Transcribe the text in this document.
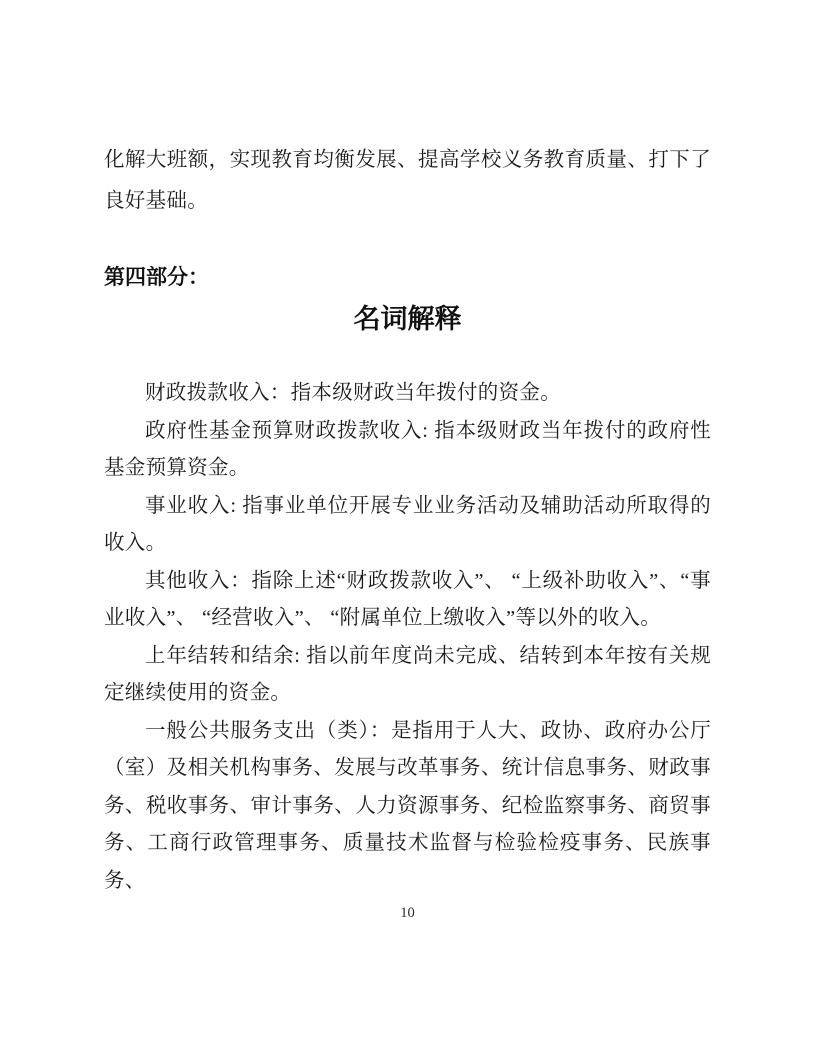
化解大班额，实现教育均衡发展、提高学校义务教育质量、打下了良好基础。

第四部分：

名词解释

财政拨款收入：指本级财政当年拨付的资金。

政府性基金预算财政拨款收入: 指本级财政当年拨付的政府性基金预算资金。

事业收入: 指事业单位开展专业业务活动及辅助活动所取得的收入。

其他收入：指除上述“财政拨款收入”、 “上级补助收入”、“事业收入”、 “经营收入”、 “附属单位上缴收入”等以外的收入。

上年结转和结余: 指以前年度尚未完成、结转到本年按有关规定继续使用的资金。

一般公共服务支出（类）：是指用于人大、政协、政府办公厅（室）及相关机构事务、发展与改革事务、统计信息事务、财政事务、税收事务、审计事务、人力资源事务、纪检监察事务、商贸事务、工商行政管理事务、质量技术监督与检验检疫事务、民族事务、

10
